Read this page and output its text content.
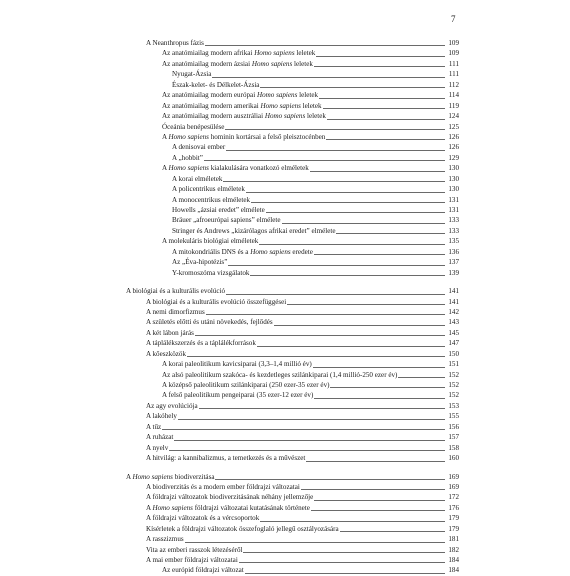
7
A Neanthropus fázis	109
Az anatómiailag modern afrikai Homo sapiens leletek	109
Az anatómiailag modern ázsiai Homo sapiens leletek	111
Nyugat-Ázsia	111
Észak-kelet- és Délkelet-Ázsia	112
Az anatómiailag modern európai Homo sapiens leletek	114
Az anatómiailag modern amerikai Homo sapiens leletek	119
Az anatómiailag modern ausztráliai Homo sapiens leletek	124
Óceánia benépesülése	125
A Homo sapiens hominin kortársai a felső pleisztocénben	126
A denisovai ember	126
A „hobbit”	129
A Homo sapiens kialakulására vonatkozó elméletek	130
A korai elméletek	130
A policentrikus elméletek	130
A monocentrikus elméletek	131
Howells „ázsiai eredet” elmélete	131
Bräuer „afroeurópai sapiens” elmélete	133
Stringer és Andrews „kizárólagos afrikai eredet” elmélete	133
A molekuláris biológiai elméletek	135
A mitokondriális DNS és a Homo sapiens eredete	136
Az „Éva-hipotézis”	137
Y-kromoszóma vizsgálatok	139
A biológiai és a kulturális evolúció	141
A biológiai és a kulturális evolúció összefüggései	141
A nemi dimorfizmus	142
A születés előtti és utáni növekedés, fejlődés	143
A két lábon járás	145
A táplálékszerzés és a táplálékforrások	147
A kőeszközök	150
A korai paleolitikum kavicsiparai (3,3–1,4 millió év)	151
Az alsó paleolitikum szakóca- és kezdetleges szilánkiparai (1,4 millió-250 ezer év)	152
A középső paleolitikum szilánkiparai (250 ezer-35 ezer év)	152
A felső paleolitikum pengeiparai (35 ezer-12 ezer év)	152
Az agy evolúciója	153
A lakóhely	155
A tűz	156
A ruházat	157
A nyelv	158
A hitvilág: a kannibalizmus, a temetkezés és a művészet	160
A Homo sapiens biodiverzitása	169
A biodiverzitás és a modern ember földrajzi változatai	169
A földrajzi változatok biodiverzitásának néhány jellemzője	172
A Homo sapiens földrajzi változatai kutatásának története	176
A földrajzi változatok és a vércsoportok	179
Kísérletek a földrajzi változatok összefoglaló jellegű osztályozására	179
A rasszizmus	181
Vita az emberi rasszok létezéséről	182
A mai ember földrajzi változatai	184
Az európid földrajzi változat	184
